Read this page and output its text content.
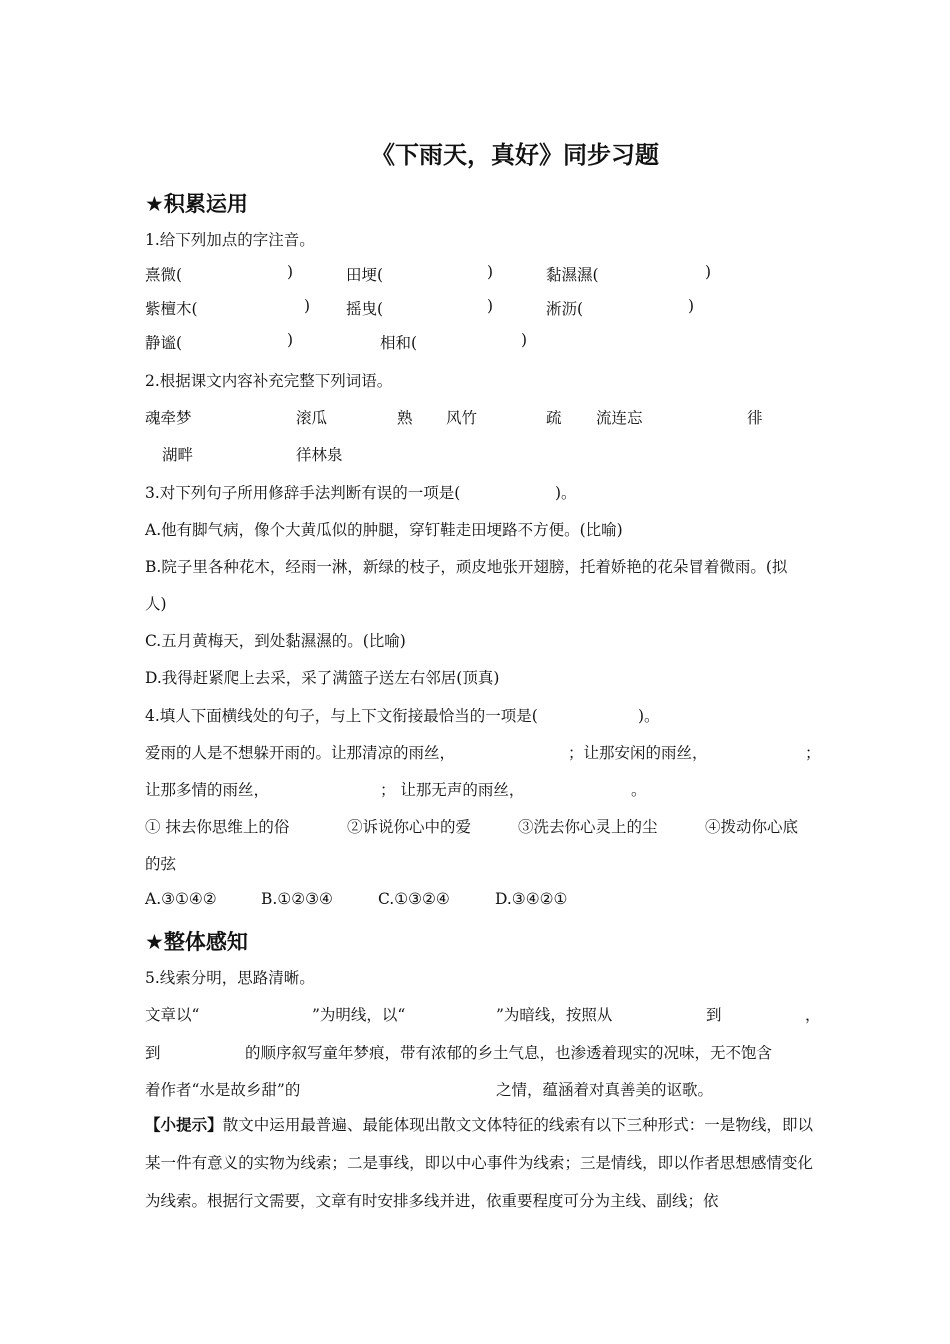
《下雨天，真好》同步习题
★积累运用
1.给下列加点的字注音。
熹微(	)	田埂(	)	黏濕濕(	)
紫檀木(	) 摇曳(	)	淅沥(	)
静谧(	)	相和(	)
2.根据课文内容补充完整下列词语。
魂牵梦	滚瓜	熟 风竹	疏 流连忘	徘
湖畔	徉林泉
3.对下列句子所用修辞手法判断有误的一项是(	)。
A.他有脚气病，像个大黄瓜似的肿腿，穿钉鞋走田埂路不方便。(比喻)
B.院子里各种花木，经雨一淋，新绿的枝子，顽皮地张开翅膀，托着娇艳的花朵冒着微雨。(拟
人)
C.五月黄梅天，到处黏濕濕的。(比喻)
D.我得赶紧爬上去采，采了满篮子送左右邻居(顶真)
4.填人下面横线处的句子，与上下文衔接最恰当的一项是(	)。
爱雨的人是不想躲开雨的。让那清凉的雨丝，	；让那安闲的雨丝，	；
让那多情的雨丝，	； 让那无声的雨丝，	。
① 抹去你思维上的俗	②诉说你心中的爱	③洗去你心灵上的尘	④拨动你心底
的弦
A.③①④②	B.①②③④	C.①③②④	D.③④②①
★整体感知
5.线索分明，思路清晰。
文章以“	”为明线，以“	”为暗线，按照从	到	，
到	的顺序叙写童年梦痕，带有浓郁的乡土气息，也渗透着现实的况味，无不饱含
着作者“水是故乡甜”的	之情，蕴涵着对真善美的讴歌。
【小提示】散文中运用最普遍、最能体现出散文文体特征的线索有以下三种形式：一是物线，即以某一件有意义的实物为线索；二是事线，即以中心事件为线索；三是情线，即以作者思想感情变化为线索。根据行文需要，文章有时安排多线并进，依重要程度可分为主线、副线；依
